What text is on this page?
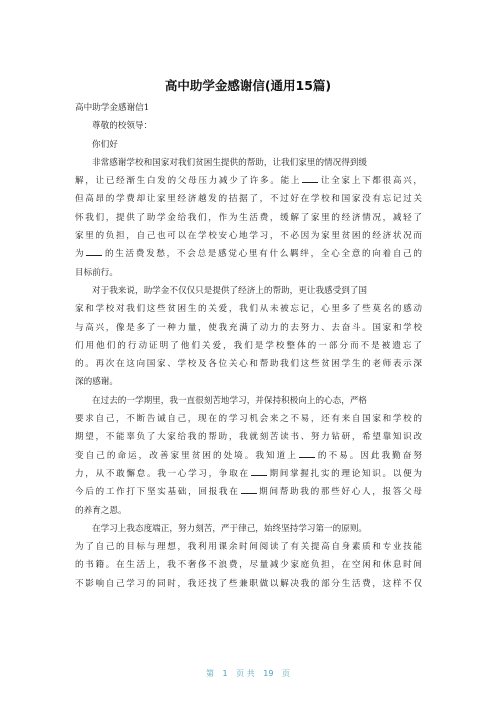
高中助学金感谢信(通用15篇)
高中助学金感谢信1
尊敬的校领导：
你们好
非常感谢学校和国家对我们贫困生提供的帮助，让我们家里的情况得到缓
解，让已经渐生白发的父母压力减少了许多。能上 让全家上下都很高兴，
但高昂的学费却让家里经济越发的拮据了，不过好在学校和国家没有忘记过关
怀我们，提供了助学金给我们，作为生活费，缓解了家里的经济情况，减轻了
家里的负担，自己也可以在学校安心地学习，不必因为家里贫困的经济状况而
为 的生活费发愁，不会总是感觉心里有什么羁绊，全心全意的向着自己的
目标前行。
对于我来说，助学金不仅仅只是提供了经济上的帮助，更让我感受到了国
家和学校对我们这些贫困生的关爱，我们从未被忘记，心里多了些莫名的感动
与高兴，像是多了一种力量，使我充满了动力的去努力、去奋斗。国家和学校
们用他们的行动证明了他们关爱，我们是学校整体的一部分而不是被遗忘了
的。再次在这向国家、学校及各位关心和帮助我们这些贫困学生的老师表示深
深的感谢。
在过去的一学期里，我一直很刻苦地学习，并保持积极向上的心态，严格
要求自己，不断告诫自己，现在的学习机会来之不易，还有来自国家和学校的
期望，不能辜负了大家给我的帮助，我就刻苦读书、努力钻研，希望靠知识改
变自己的命运，改善家里贫困的处境。我知道上 的不易。因此我勤奋努
力，从不敢懈怠。我一心学习，争取在 期间掌握扎实的理论知识。以便为
今后的工作打下坚实基础，回报我在 期间帮助我的那些好心人，报答父母
的养育之恩。
在学习上我态度端正，努力刻苦，严于律己，始终坚持学习第一的原则。
为了自己的目标与理想，我利用课余时间阅读了有关提高自身素质和专业技能
的书籍。在生活上，我不奢侈不浪费，尽量减少家庭负担，在空闲和休息时间
不影响自己学习的同时，我还找了些兼职做以解决我的部分生活费，这样不仅
第 1 页 共 19 页
